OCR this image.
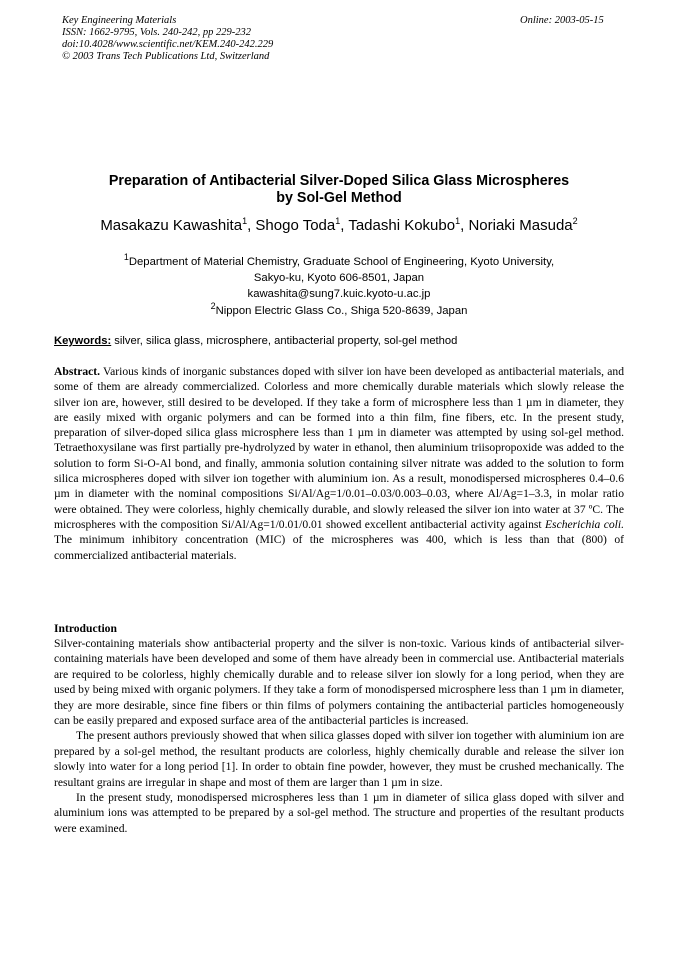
Key Engineering Materials
ISSN: 1662-9795, Vols. 240-242, pp 229-232
doi:10.4028/www.scientific.net/KEM.240-242.229
© 2003 Trans Tech Publications Ltd, Switzerland
Online: 2003-05-15
Preparation of Antibacterial Silver-Doped Silica Glass Microspheres
by Sol-Gel Method
Masakazu Kawashita$^1$, Shogo Toda$^1$, Tadashi Kokubo$^1$, Noriaki Masuda$^2$
$^1$Department of Material Chemistry, Graduate School of Engineering, Kyoto University,
Sakyo-ku, Kyoto 606-8501, Japan
kawashita@sung7.kuic.kyoto-u.ac.jp
$^2$Nippon Electric Glass Co., Shiga 520-8639, Japan
Keywords: silver, silica glass, microsphere, antibacterial property, sol-gel method
Abstract. Various kinds of inorganic substances doped with silver ion have been developed as antibacterial materials, and some of them are already commercialized. Colorless and more chemically durable materials which slowly release the silver ion are, however, still desired to be developed. If they take a form of microsphere less than 1 µm in diameter, they are easily mixed with organic polymers and can be formed into a thin film, fine fibers, etc. In the present study, preparation of silver-doped silica glass microsphere less than 1 µm in diameter was attempted by using sol-gel method. Tetraethoxysilane was first partially pre-hydrolyzed by water in ethanol, then aluminium triisopropoxide was added to the solution to form Si-O-Al bond, and finally, ammonia solution containing silver nitrate was added to the solution to form silica microspheres doped with silver ion together with aluminium ion. As a result, monodispersed microspheres 0.4–0.6 µm in diameter with the nominal compositions Si/Al/Ag=1/0.01–0.03/0.003–0.03, where Al/Ag=1–3.3, in molar ratio were obtained. They were colorless, highly chemically durable, and slowly released the silver ion into water at 37 ºC. The microspheres with the composition Si/Al/Ag=1/0.01/0.01 showed excellent antibacterial activity against Escherichia coli. The minimum inhibitory concentration (MIC) of the microspheres was 400, which is less than that (800) of commercialized antibacterial materials.
Introduction

Silver-containing materials show antibacterial property and the silver is non-toxic. Various kinds of antibacterial silver-containing materials have been developed and some of them have already been in commercial use. Antibacterial materials are required to be colorless, highly chemically durable and to release silver ion slowly for a long period, when they are used by being mixed with organic polymers. If they take a form of monodispersed microsphere less than 1 µm in diameter, they are more desirable, since fine fibers or thin films of polymers containing the antibacterial particles homogeneously can be easily prepared and exposed surface area of the antibacterial particles is increased.

The present authors previously showed that when silica glasses doped with silver ion together with aluminium ion are prepared by a sol-gel method, the resultant products are colorless, highly chemically durable and release the silver ion slowly into water for a long period [1]. In order to obtain fine powder, however, they must be crushed mechanically. The resultant grains are irregular in shape and most of them are larger than 1 µm in size.

In the present study, monodispersed microspheres less than 1 µm in diameter of silica glass doped with silver and aluminium ions was attempted to be prepared by a sol-gel method. The structure and properties of the resultant products were examined.
